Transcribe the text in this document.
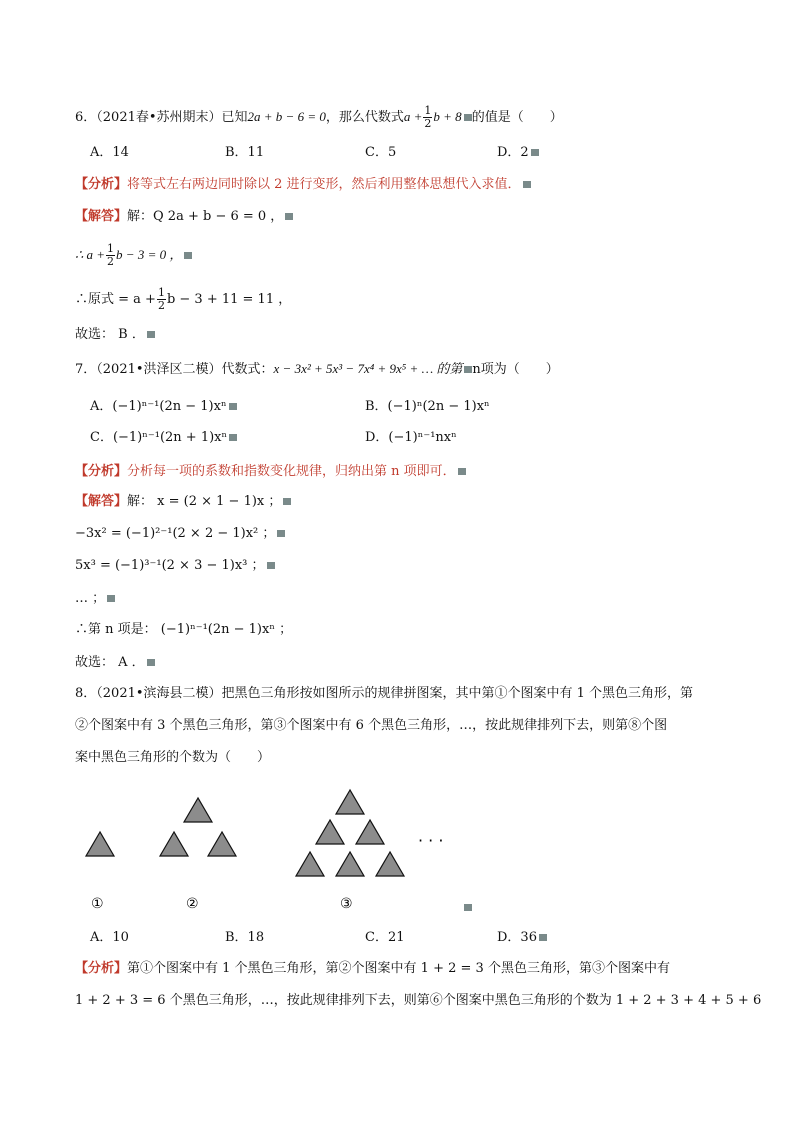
6．（2021春•苏州期末）已知2a + b − 6 = 0，那么代数式$a + \frac{1}{2}$ b + 8 的值是（　　）
A．14	B．11	C．5	D．2
【分析】将等式左右两边同时除以 2 进行变形，然后利用整体思想代入求值．
【解答】解：Q 2a + b − 6 = 0 ，
∴ $a + \frac{1}{2}$ b − 3 = 0 ，
∴原式 = $a + \frac{1}{2}$ b − 3 + 11 = 11 ，
故选： B ．
7．（2021•洪泽区二模）代数式：x − 3x² + 5x³ − 7x⁴ + 9x⁵ + … 的第 n项为（　　）
A．(−1)ⁿ⁻¹(2n − 1)xⁿ	B．(−1)ⁿ(2n − 1)xⁿ
C．(−1)ⁿ⁻¹(2n + 1)xⁿ	D．(−1)ⁿ⁻¹nxⁿ
【分析】分析每一项的系数和指数变化规律，归纳出第 n 项即可．
【解答】解： x = (2 × 1 − 1)x ；
−3x² = (−1)²⁻¹(2 × 2 − 1)x² ；
5x³ = (−1)³⁻¹(2 × 3 − 1)x³ ；
… ；
∴第 n 项是： (−1)ⁿ⁻¹(2n − 1)xⁿ ；
故选： A ．
8．（2021•滨海县二模）把黑色三角形按如图所示的规律拼图案，其中第①个图案中有 1 个黑色三角形，第
②个图案中有 3 个黑色三角形，第③个图案中有 6 个黑色三角形，…，按此规律排列下去，则第⑧个图
案中黑色三角形的个数为（　　）
· · ·
①	②	③
A．10	B．18	C．21	D．36
【分析】第①个图案中有 1 个黑色三角形，第②个图案中有 1 + 2 = 3 个黑色三角形，第③个图案中有
1 + 2 + 3 = 6 个黑色三角形，…，按此规律排列下去，则第⑥个图案中黑色三角形的个数为 1 + 2 + 3 + 4 + 5 + 6
